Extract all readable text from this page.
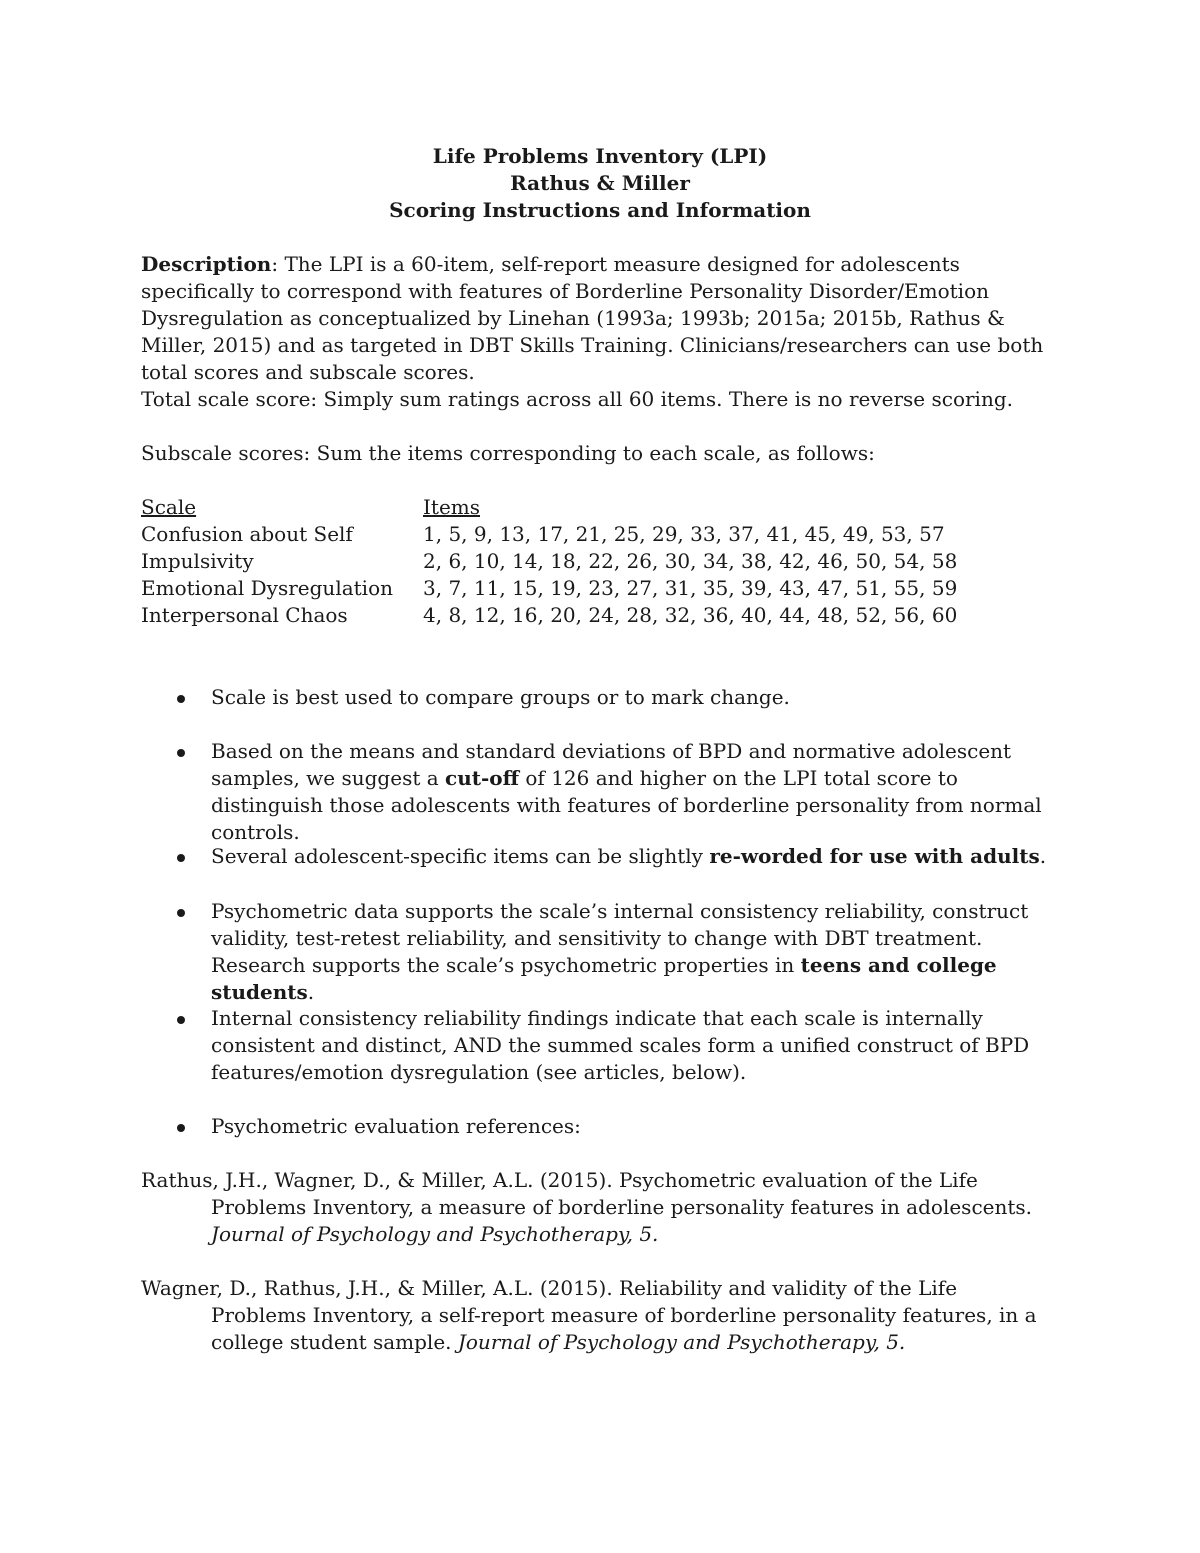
Life Problems Inventory (LPI)
Rathus & Miller
Scoring Instructions and Information
Description: The LPI is a 60-item, self-report measure designed for adolescents specifically to correspond with features of Borderline Personality Disorder/Emotion Dysregulation as conceptualized by Linehan (1993a; 1993b; 2015a; 2015b, Rathus & Miller, 2015) and as targeted in DBT Skills Training. Clinicians/researchers can use both total scores and subscale scores.
Total scale score: Simply sum ratings across all 60 items. There is no reverse scoring.
Subscale scores: Sum the items corresponding to each scale, as follows:
Scale	Items
Confusion about Self	1, 5, 9, 13, 17, 21, 25, 29, 33, 37, 41, 45, 49, 53, 57
Impulsivity	2, 6, 10, 14, 18, 22, 26, 30, 34, 38, 42, 46, 50, 54, 58
Emotional Dysregulation 3, 7, 11, 15, 19, 23, 27, 31, 35, 39, 43, 47, 51, 55, 59
Interpersonal Chaos	4, 8, 12, 16, 20, 24, 28, 32, 36, 40, 44, 48, 52, 56, 60
Scale is best used to compare groups or to mark change.
Based on the means and standard deviations of BPD and normative adolescent samples, we suggest a cut-off of 126 and higher on the LPI total score to distinguish those adolescents with features of borderline personality from normal controls.
Several adolescent-specific items can be slightly re-worded for use with adults.
Psychometric data supports the scale’s internal consistency reliability, construct validity, test-retest reliability, and sensitivity to change with DBT treatment. Research supports the scale’s psychometric properties in teens and college students.
Internal consistency reliability findings indicate that each scale is internally consistent and distinct, AND the summed scales form a unified construct of BPD features/emotion dysregulation (see articles, below).
Psychometric evaluation references:
Rathus, J.H., Wagner, D., & Miller, A.L. (2015). Psychometric evaluation of the Life
Problems Inventory, a measure of borderline personality features in adolescents. Journal of Psychology and Psychotherapy, 5.
Wagner, D., Rathus, J.H., & Miller, A.L. (2015). Reliability and validity of the Life
Problems Inventory, a self-report measure of borderline personality features, in a college student sample. Journal of Psychology and Psychotherapy, 5.
